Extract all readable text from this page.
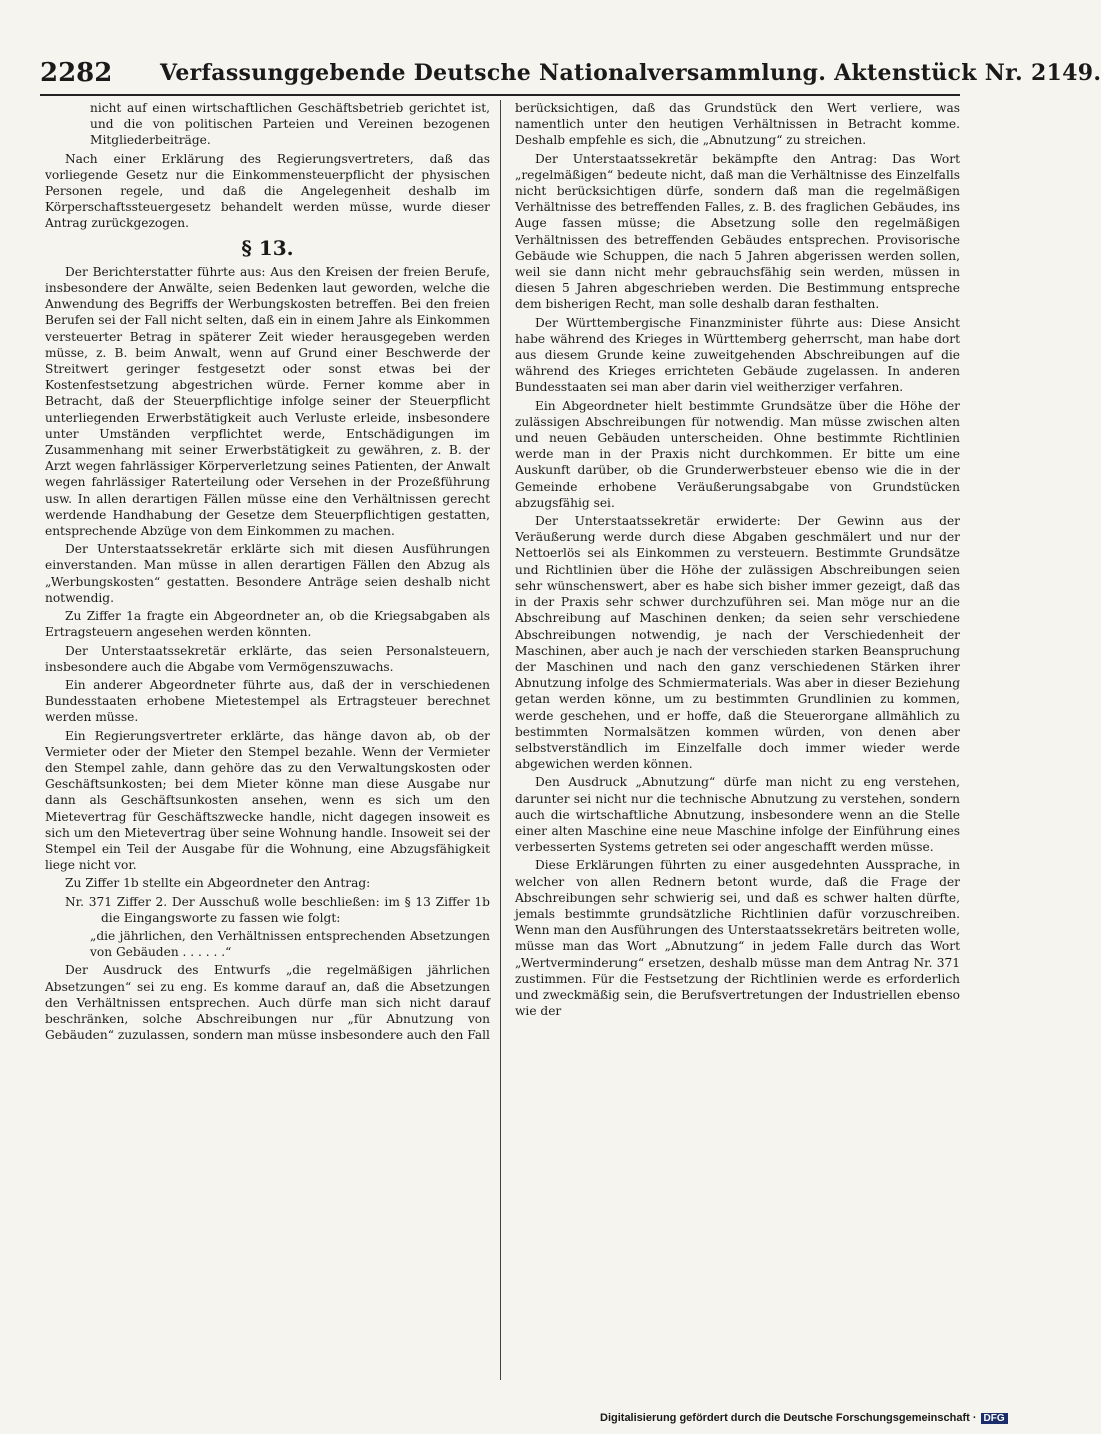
2282 Verfassunggebende Deutsche Nationalversammlung. Aktenstück Nr. 2149.

nicht auf einen wirtschaftlichen Geschäftsbetrieb gerichtet ist, und die von politischen Parteien und Vereinen bezogenen Mitgliederbeiträge.

Nach einer Erklärung des Regierungsvertreters, daß das vorliegende Gesetz nur die Einkommensteuerpflicht der physischen Personen regele, und daß die Angelegenheit deshalb im Körperschaftssteuergesetz behandelt werden müsse, wurde dieser Antrag zurückgezogen.

§ 13.

Der Berichterstatter führte aus: Aus den Kreisen der freien Berufe, insbesondere der Anwälte, seien Bedenken laut geworden, welche die Anwendung des Begriffs der Werbungskosten betreffen. Bei den freien Berufen sei der Fall nicht selten, daß ein in einem Jahre als Einkommen versteuerter Betrag in späterer Zeit wieder herausgegeben werden müsse, z. B. beim Anwalt, wenn auf Grund einer Beschwerde der Streitwert geringer festgesetzt oder sonst etwas bei der Kostenfestsetzung abgestrichen würde. Ferner komme aber in Betracht, daß der Steuerpflichtige infolge seiner der Steuerpflicht unterliegenden Erwerbstätigkeit auch Verluste erleide, insbesondere unter Umständen verpflichtet werde, Entschädigungen im Zusammenhang mit seiner Erwerbstätigkeit zu gewähren, z. B. der Arzt wegen fahrlässiger Körperverletzung seines Patienten, der Anwalt wegen fahrlässiger Raterteilung oder Versehen in der Prozeßführung usw. In allen derartigen Fällen müsse eine den Verhältnissen gerecht werdende Handhabung der Gesetze dem Steuerpflichtigen gestatten, entsprechende Abzüge von dem Einkommen zu machen.

Der Unterstaatssekretär erklärte sich mit diesen Ausführungen einverstanden. Man müsse in allen derartigen Fällen den Abzug als „Werbungskosten“ gestatten. Besondere Anträge seien deshalb nicht notwendig.

Zu Ziffer 1a fragte ein Abgeordneter an, ob die Kriegsabgaben als Ertragsteuern angesehen werden könnten.

Der Unterstaatssekretär erklärte, das seien Personalsteuern, insbesondere auch die Abgabe vom Vermögenszuwachs.

Ein anderer Abgeordneter führte aus, daß der in verschiedenen Bundesstaaten erhobene Mietestempel als Ertragsteuer berechnet werden müsse.

Ein Regierungsvertreter erklärte, das hänge davon ab, ob der Vermieter oder der Mieter den Stempel bezahle. Wenn der Vermieter den Stempel zahle, dann gehöre das zu den Verwaltungskosten oder Geschäftsunkosten; bei dem Mieter könne man diese Ausgabe nur dann als Geschäftsunkosten ansehen, wenn es sich um den Mietevertrag für Geschäftszwecke handle, nicht dagegen insoweit es sich um den Mietevertrag über seine Wohnung handle. Insoweit sei der Stempel ein Teil der Ausgabe für die Wohnung, eine Abzugsfähigkeit liege nicht vor.

Zu Ziffer 1b stellte ein Abgeordneter den Antrag:

Nr. 371 Ziffer 2. Der Ausschuß wolle beschließen: im § 13 Ziffer 1b die Eingangsworte zu fassen wie folgt:

„die jährlichen, den Verhältnissen entsprechenden Absetzungen von Gebäuden . . . . . .“

Der Ausdruck des Entwurfs „die regelmäßigen jährlichen Absetzungen“ sei zu eng. Es komme darauf an, daß die Absetzungen den Verhältnissen entsprechen. Auch dürfe man sich nicht darauf beschränken, solche Abschreibungen nur „für Abnutzung von Gebäuden“ zuzulassen, sondern man müsse insbesondere auch den Fall

berücksichtigen, daß das Grundstück den Wert verliere, was namentlich unter den heutigen Verhältnissen in Betracht komme. Deshalb empfehle es sich, die „Abnutzung“ zu streichen.

Der Unterstaatssekretär bekämpfte den Antrag: Das Wort „regelmäßigen“ bedeute nicht, daß man die Verhältnisse des Einzelfalls nicht berücksichtigen dürfe, sondern daß man die regelmäßigen Verhältnisse des betreffenden Falles, z. B. des fraglichen Gebäudes, ins Auge fassen müsse; die Absetzung solle den regelmäßigen Verhältnissen des betreffenden Gebäudes entsprechen. Provisorische Gebäude wie Schuppen, die nach 5 Jahren abgerissen werden sollen, weil sie dann nicht mehr gebrauchsfähig sein werden, müssen in diesen 5 Jahren abgeschrieben werden. Die Bestimmung entspreche dem bisherigen Recht, man solle deshalb daran festhalten.

Der Württembergische Finanzminister führte aus: Diese Ansicht habe während des Krieges in Württemberg geherrscht, man habe dort aus diesem Grunde keine zuweitgehenden Abschreibungen auf die während des Krieges errichteten Gebäude zugelassen. In anderen Bundesstaaten sei man aber darin viel weitherziger verfahren.

Ein Abgeordneter hielt bestimmte Grundsätze über die Höhe der zulässigen Abschreibungen für notwendig. Man müsse zwischen alten und neuen Gebäuden unterscheiden. Ohne bestimmte Richtlinien werde man in der Praxis nicht durchkommen. Er bitte um eine Auskunft darüber, ob die Grunderwerbsteuer ebenso wie die in der Gemeinde erhobene Veräußerungsabgabe von Grundstücken abzugsfähig sei.

Der Unterstaatssekretär erwiderte: Der Gewinn aus der Veräußerung werde durch diese Abgaben geschmälert und nur der Nettoerlös sei als Einkommen zu versteuern. Bestimmte Grundsätze und Richtlinien über die Höhe der zulässigen Abschreibungen seien sehr wünschenswert, aber es habe sich bisher immer gezeigt, daß das in der Praxis sehr schwer durchzuführen sei. Man möge nur an die Abschreibung auf Maschinen denken; da seien sehr verschiedene Abschreibungen notwendig, je nach der Verschiedenheit der Maschinen, aber auch je nach der verschieden starken Beanspruchung der Maschinen und nach den ganz verschiedenen Stärken ihrer Abnutzung infolge des Schmiermaterials. Was aber in dieser Beziehung getan werden könne, um zu bestimmten Grundlinien zu kommen, werde geschehen, und er hoffe, daß die Steuerorgane allmählich zu bestimmten Normalsätzen kommen würden, von denen aber selbstverständlich im Einzelfalle doch immer wieder werde abgewichen werden können.

Den Ausdruck „Abnutzung“ dürfe man nicht zu eng verstehen, darunter sei nicht nur die technische Abnutzung zu verstehen, sondern auch die wirtschaftliche Abnutzung, insbesondere wenn an die Stelle einer alten Maschine eine neue Maschine infolge der Einführung eines verbesserten Systems getreten sei oder angeschafft werden müsse.

Diese Erklärungen führten zu einer ausgedehnten Aussprache, in welcher von allen Rednern betont wurde, daß die Frage der Abschreibungen sehr schwierig sei, und daß es schwer halten dürfte, jemals bestimmte grundsätzliche Richtlinien dafür vorzuschreiben. Wenn man den Ausführungen des Unterstaatssekretärs beitreten wolle, müsse man das Wort „Abnutzung“ in jedem Falle durch das Wort „Wertverminderung“ ersetzen, deshalb müsse man dem Antrag Nr. 371 zustimmen. Für die Festsetzung der Richtlinien werde es erforderlich und zweckmäßig sein, die Berufsvertretungen der Industriellen ebenso wie der

Digitalisierung gefördert durch die Deutsche Forschungsgemeinschaft · DFG
